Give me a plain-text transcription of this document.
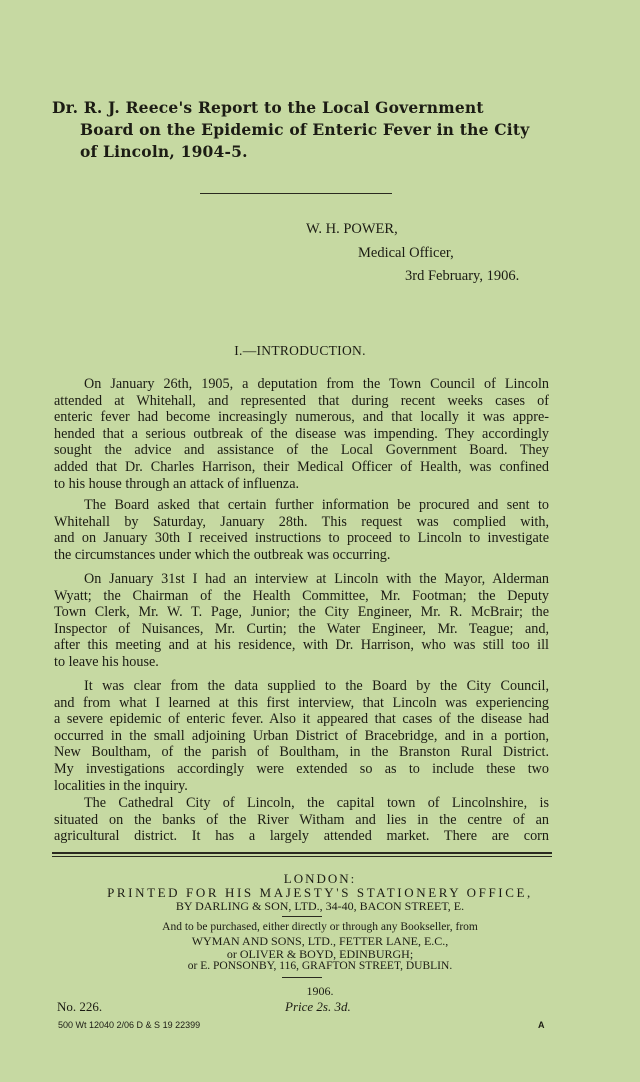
Dr. R. J. Reece's Report to the Local Government
Board on the Epidemic of Enteric Fever in the City
of Lincoln, 1904-5.
W. H. POWER,
Medical Officer,
3rd February, 1906.
I.—INTRODUCTION.
On January 26th, 1905, a deputation from the Town Council of Lincoln
attended at Whitehall, and represented that during recent weeks cases of
enteric fever had become increasingly numerous, and that locally it was appre-
hended that a serious outbreak of the disease was impending. They accordingly
sought the advice and assistance of the Local Government Board. They
added that Dr. Charles Harrison, their Medical Officer of Health, was confined
to his house through an attack of influenza.
The Board asked that certain further information be procured and sent to
Whitehall by Saturday, January 28th. This request was complied with,
and on January 30th I received instructions to proceed to Lincoln to investigate
the circumstances under which the outbreak was occurring.
On January 31st I had an interview at Lincoln with the Mayor, Alderman
Wyatt; the Chairman of the Health Committee, Mr. Footman; the Deputy
Town Clerk, Mr. W. T. Page, Junior; the City Engineer, Mr. R. McBrair; the
Inspector of Nuisances, Mr. Curtin; the Water Engineer, Mr. Teague; and,
after this meeting and at his residence, with Dr. Harrison, who was still too ill
to leave his house.
It was clear from the data supplied to the Board by the City Council,
and from what I learned at this first interview, that Lincoln was experiencing
a severe epidemic of enteric fever. Also it appeared that cases of the disease had
occurred in the small adjoining Urban District of Bracebridge, and in a portion,
New Boultham, of the parish of Boultham, in the Branston Rural District.
My investigations accordingly were extended so as to include these two
localities in the inquiry.
The Cathedral City of Lincoln, the capital town of Lincolnshire, is
situated on the banks of the River Witham and lies in the centre of an
agricultural district. It has a largely attended market. There are corn
LONDON:
PRINTED FOR HIS MAJESTY'S STATIONERY OFFICE,
BY DARLING & SON, LTD., 34-40, BACON STREET, E.
And to be purchased, either directly or through any Bookseller, from
WYMAN AND SONS, LTD., FETTER LANE, E.C.,
or OLIVER & BOYD, EDINBURGH;
or E. PONSONBY, 116, GRAFTON STREET, DUBLIN.
1906.
No. 226.	Price 2s. 3d.
500 Wt 12040 2/06 D & S 19 22399	A
